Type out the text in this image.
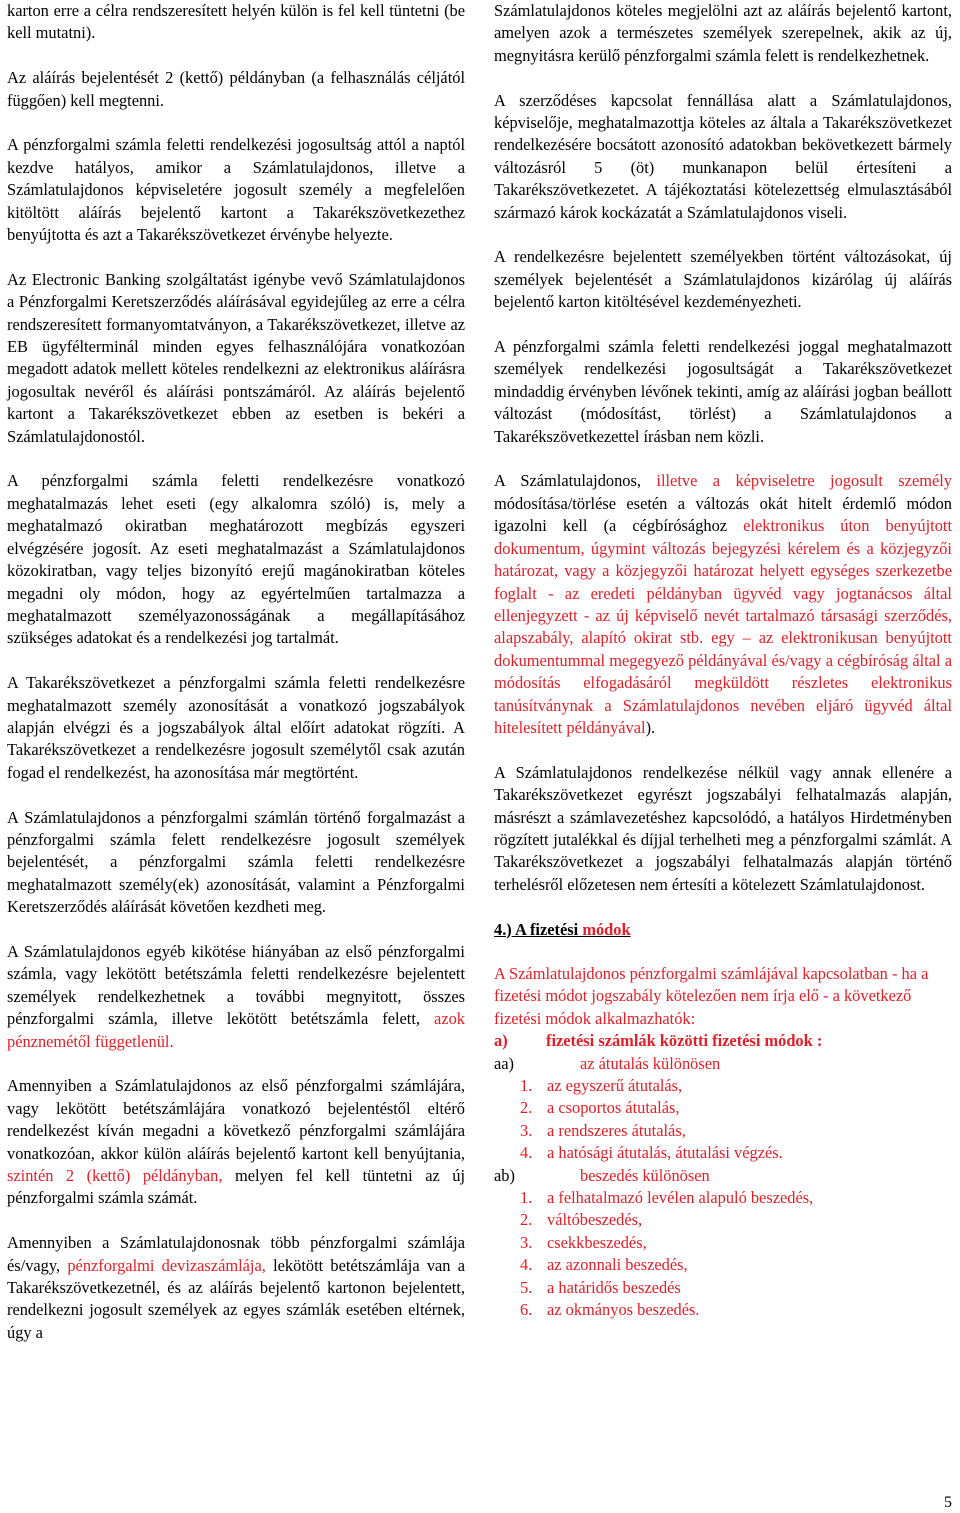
karton erre a célra rendszeresített helyén külön is fel kell tüntetni (be kell mutatni).

Az aláírás bejelentését 2 (kettő) példányban (a felhasználás céljától függően) kell megtenni.

A pénzforgalmi számla feletti rendelkezési jogosultság attól a naptól kezdve hatályos, amikor a Számlatulajdonos, illetve a Számlatulajdonos képviseletére jogosult személy a megfelelően kitöltött aláírás bejelentő kartont a Takarékszövetkezethez benyújtotta és azt a Takarékszövetkezet érvénybe helyezte.

Az Electronic Banking szolgáltatást igénybe vevő Számlatulajdonos a Pénzforgalmi Keretszerződés aláírásával egyidejűleg az erre a célra rendszeresített formanyomtatványon, a Takarékszövetkezet, illetve az EB ügyfélterminál minden egyes felhasználójára vonatkozóan megadott adatok mellett köteles rendelkezni az elektronikus aláírásra jogosultak nevéről és aláírási pontszámáról. Az aláírás bejelentő kartont a Takarékszövetkezet ebben az esetben is bekéri a Számlatulajdonostól.

A pénzforgalmi számla feletti rendelkezésre vonatkozó meghatalmazás lehet eseti (egy alkalomra szóló) is, mely a meghatalmazó okiratban meghatározott megbízás egyszeri elvégzésére jogosít. Az eseti meghatalmazást a Számlatulajdonos közokiratban, vagy teljes bizonyító erejű magánokiratban köteles megadni oly módon, hogy az egyértelműen tartalmazza a meghatalmazott személyazonosságának a megállapításához szükséges adatokat és a rendelkezési jog tartalmát.

A Takarékszövetkezet a pénzforgalmi számla feletti rendelkezésre meghatalmazott személy azonosítását a vonatkozó jogszabályok alapján elvégzi és a jogszabályok által előírt adatokat rögzíti. A Takarékszövetkezet a rendelkezésre jogosult személytől csak azután fogad el rendelkezést, ha azonosítása már megtörtént.

A Számlatulajdonos a pénzforgalmi számlán történő forgalmazást a pénzforgalmi számla felett rendelkezésre jogosult személyek bejelentését, a pénzforgalmi számla feletti rendelkezésre meghatalmazott személy(ek) azonosítását, valamint a Pénzforgalmi Keretszerződés aláírását követően kezdheti meg.

A Számlatulajdonos egyéb kikötése hiányában az első pénzforgalmi számla, vagy lekötött betétszámla feletti rendelkezésre bejelentett személyek rendelkezhetnek a további megnyitott, összes pénzforgalmi számla, illetve lekötött betétszámla felett, azok pénznemétől függetlenül.

Amennyiben a Számlatulajdonos az első pénzforgalmi számlájára, vagy lekötött betétszámlájára vonatkozó bejelentéstől eltérő rendelkezést kíván megadni a következő pénzforgalmi számlájára vonatkozóan, akkor külön aláírás bejelentő kartont kell benyújtania, szintén 2 (kettő) példányban, melyen fel kell tüntetni az új pénzforgalmi számla számát.

Amennyiben a Számlatulajdonosnak több pénzforgalmi számlája és/vagy, pénzforgalmi devizaszámlája, lekötött betétszámlája van a Takarékszövetkezetnél, és az aláírás bejelentő kartonon bejelentett, rendelkezni jogosult személyek az egyes számlák esetében eltérnek, úgy a

Számlatulajdonos köteles megjelölni azt az aláírás bejelentő kartont, amelyen azok a természetes személyek szerepelnek, akik az új, megnyitásra kerülő pénzforgalmi számla felett is rendelkezhetnek.

A szerződéses kapcsolat fennállása alatt a Számlatulajdonos, képviselője, meghatalmazottja köteles az általa a Takarékszövetkezet rendelkezésére bocsátott azonosító adatokban bekövetkezett bármely változásról 5 (öt) munkanapon belül értesíteni a Takarékszövetkezetet. A tájékoztatási kötelezettség elmulasztásából származó károk kockázatát a Számlatulajdonos viseli.

A rendelkezésre bejelentett személyekben történt változásokat, új személyek bejelentését a Számlatulajdonos kizárólag új aláírás bejelentő karton kitöltésével kezdeményezheti.

A pénzforgalmi számla feletti rendelkezési joggal meghatalmazott személyek rendelkezési jogosultságát a Takarékszövetkezet mindaddig érvényben lévőnek tekinti, amíg az aláírási jogban beállott változást (módosítást, törlést) a Számlatulajdonos a Takarékszövetkezettel írásban nem közli.

A Számlatulajdonos, illetve a képviseletre jogosult személy módosítása/törlése esetén a változás okát hitelt érdemlő módon igazolni kell (a cégbírósághoz elektronikus úton benyújtott dokumentum, úgymint változás bejegyzési kérelem és a közjegyzői határozat, vagy a közjegyzői határozat helyett egységes szerkezetbe foglalt - az eredeti példányban ügyvéd vagy jogtanácsos által ellenjegyzett - az új képviselő nevét tartalmazó társasági szerződés, alapszabály, alapító okirat stb. egy – az elektronikusan benyújtott dokumentummal megegyező példányával és/vagy a cégbíróság által a módosítás elfogadásáról megküldött részletes elektronikus tanúsítványnak a Számlatulajdonos nevében eljáró ügyvéd által hitelesített példányával).

A Számlatulajdonos rendelkezése nélkül vagy annak ellenére a Takarékszövetkezet egyrészt jogszabályi felhatalmazás alapján, másrészt a számlavezetéshez kapcsolódó, a hatályos Hirdetményben rögzített jutalékkal és díjjal terhelheti meg a pénzforgalmi számlát. A Takarékszövetkezet a jogszabályi felhatalmazás alapján történő terhelésről előzetesen nem értesíti a kötelezett Számlatulajdonost.

4.) A fizetési módok

A Számlatulajdonos pénzforgalmi számlájával kapcsolatban - ha a fizetési módot jogszabály kötelezően nem írja elő - a következő fizetési módok alkalmazhatók:

a)	fizetési számlák közötti fizetési módok :
aa)	az átutalás különösen
1. az egyszerű átutalás,
2. a csoportos átutalás,
3. a rendszeres átutalás,
4. a hatósági átutalás, átutalási végzés.
ab)	beszedés különösen
1. a felhatalmazó levélen alapuló beszedés,
2. váltóbeszedés,
3. csekkbeszedés,
4. az azonnali beszedés,
5. a határidős beszedés
6. az okmányos beszedés.
5
